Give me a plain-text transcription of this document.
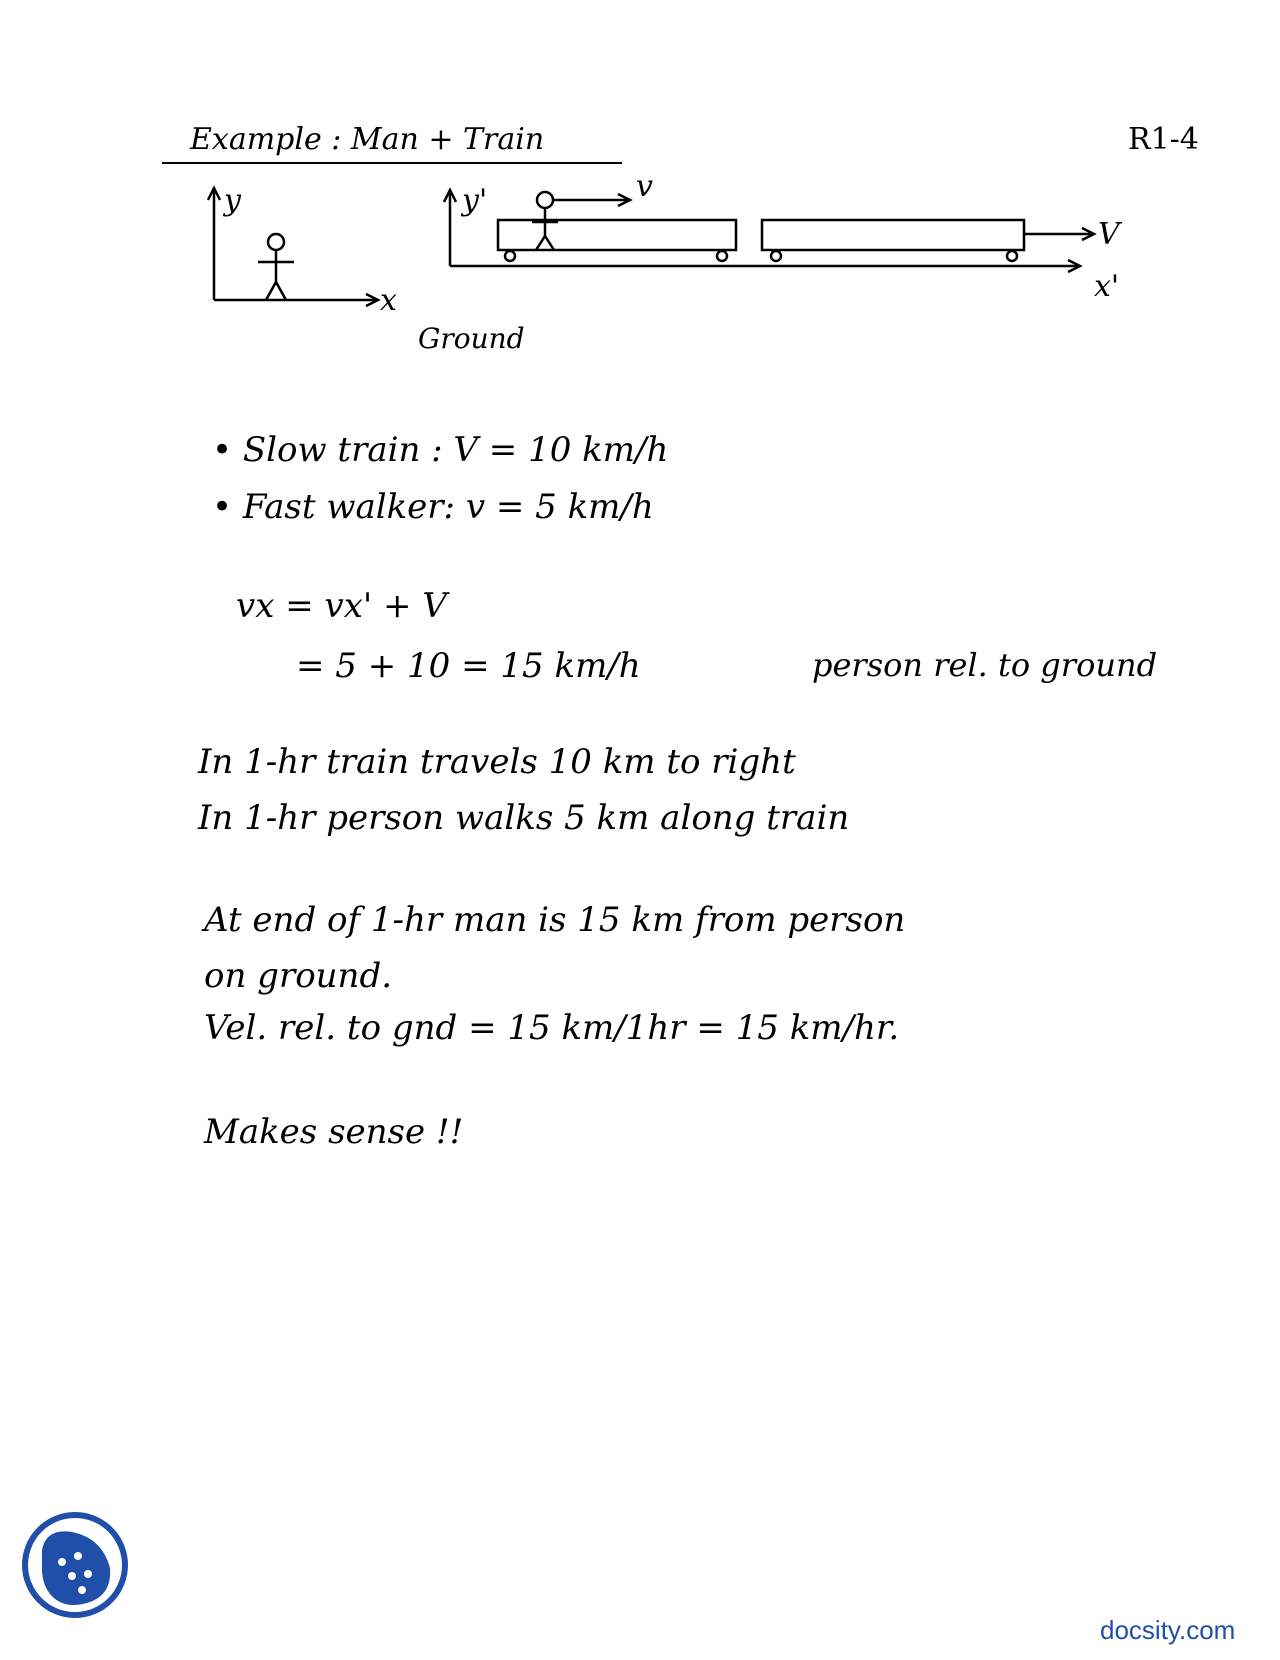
Example : Man + Train	R1-4
y
x
Ground
y'
x'
v
V
• Slow train : V = 10 km/h
• Fast walker: v = 5 km/h
vx = vx' + V
= 5 + 10 = 15 km/h	person rel. to ground
In 1-hr train travels 10 km to right
In 1-hr person walks 5 km along train
At end of 1-hr man is 15 km from person
on ground.
Vel. rel. to gnd = 15 km/1hr = 15 km/hr.
Makes sense !!
docsity.com
